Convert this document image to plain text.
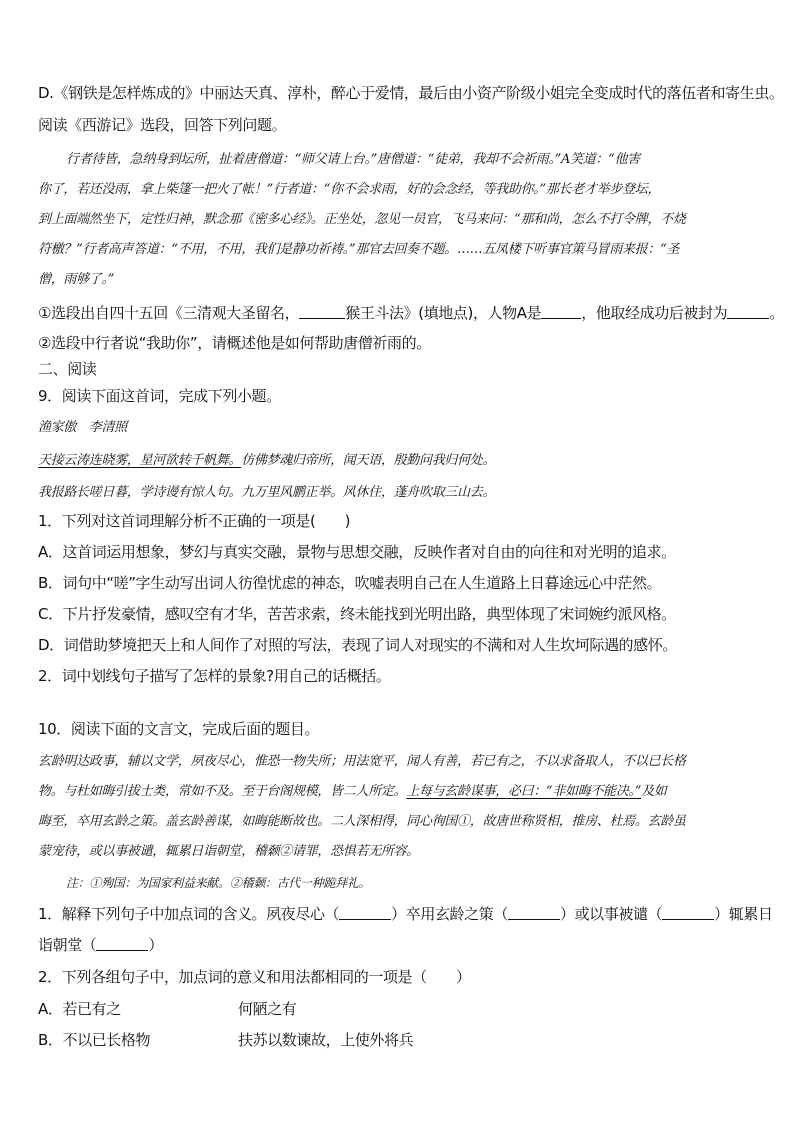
D.《钢铁是怎样炼成的》中丽达天真、淳朴，醉心于爱情，最后由小资产阶级小姐完全变成时代的落伍者和寄生虫。
阅读《西游记》选段，回答下列问题。
行者待皆，急纳身到坛所，扯着唐僧道：“师父请上台。”唐僧道：“徒弟，我却不会祈雨。”A笑道：“他害
你了，若还没雨，拿上柴篷一把火了帐！”行者道：“你不会求雨，好的会念经，等我助你。”那长老才举步登坛，
到上面端然坐下，定性归神，默念那《密多心经》。正坐处，忽见一员官，飞马来问：“那和尚，怎么不打令牌，不烧
符檄？”行者高声答道：“不用，不用，我们是静功祈祷。”那官去回奏不题。……五凤楼下听事官策马冒雨来报：“圣
僧，雨够了。”
①选段出自四十五回《三清观大圣留名，	猴王斗法》(填地点)，人物A是	，他取经成功后被封为	。
②选段中行者说“我助你”，请概述他是如何帮助唐僧祈雨的。
二、阅读
9．阅读下面这首词，完成下列小题。
渔家傲　李清照
天接云涛连晓雾，星河欲转千帆舞。仿佛梦魂归帝所，闻天语，殷勤问我归何处。
我报路长嗟日暮，学诗谩有惊人句。九万里风鹏正举。风休住，蓬舟吹取三山去。
1．下列对这首词理解分析不正确的一项是(　　)
A．这首词运用想象，梦幻与真实交融，景物与思想交融，反映作者对自由的向往和对光明的追求。
B．词句中“嗟”字生动写出词人彷徨忧虑的神态，吹嘘表明自己在人生道路上日暮途远心中茫然。
C．下片抒发豪情，感叹空有才华，苦苦求索，终未能找到光明出路，典型体现了宋词婉约派风格。
D．词借助梦境把天上和人间作了对照的写法，表现了词人对现实的不满和对人生坎坷际遇的感怀。
2．词中划线句子描写了怎样的景象?用自己的话概括。
10．阅读下面的文言文，完成后面的题目。
玄龄明达政事，辅以文学，夙夜尽心，惟恐一物失所；用法宽平，闻人有善，若已有之，不以求备取人，不以已长格
物。与杜如晦引拔士类，常如不及。至于台阁规模，皆二人所定。上每与玄龄谋事，必曰：“非如晦不能决。”及如
晦至，卒用玄龄之策。盖玄龄善谋，如晦能断故也。二人深相得，同心徇国①，故唐世称贤相，推房、杜焉。玄龄虽
蒙宠待，或以事被谴，辄累日诣朝堂，稽颡②请罪，恐惧若无所容。
注：①殉国：为国家利益来献。②稽颡：古代一种跪拜礼。
1．解释下列句子中加点词的含义。夙夜尽心（	）卒用玄龄之策（	）或以事被谴（	）辄累日
诣朝堂（	）
2．下列各组句子中，加点词的意义和用法都相同的一项是（　　）
A．若已有之	何陋之有
B．不以已长格物	扶苏以数谏故，上使外将兵
